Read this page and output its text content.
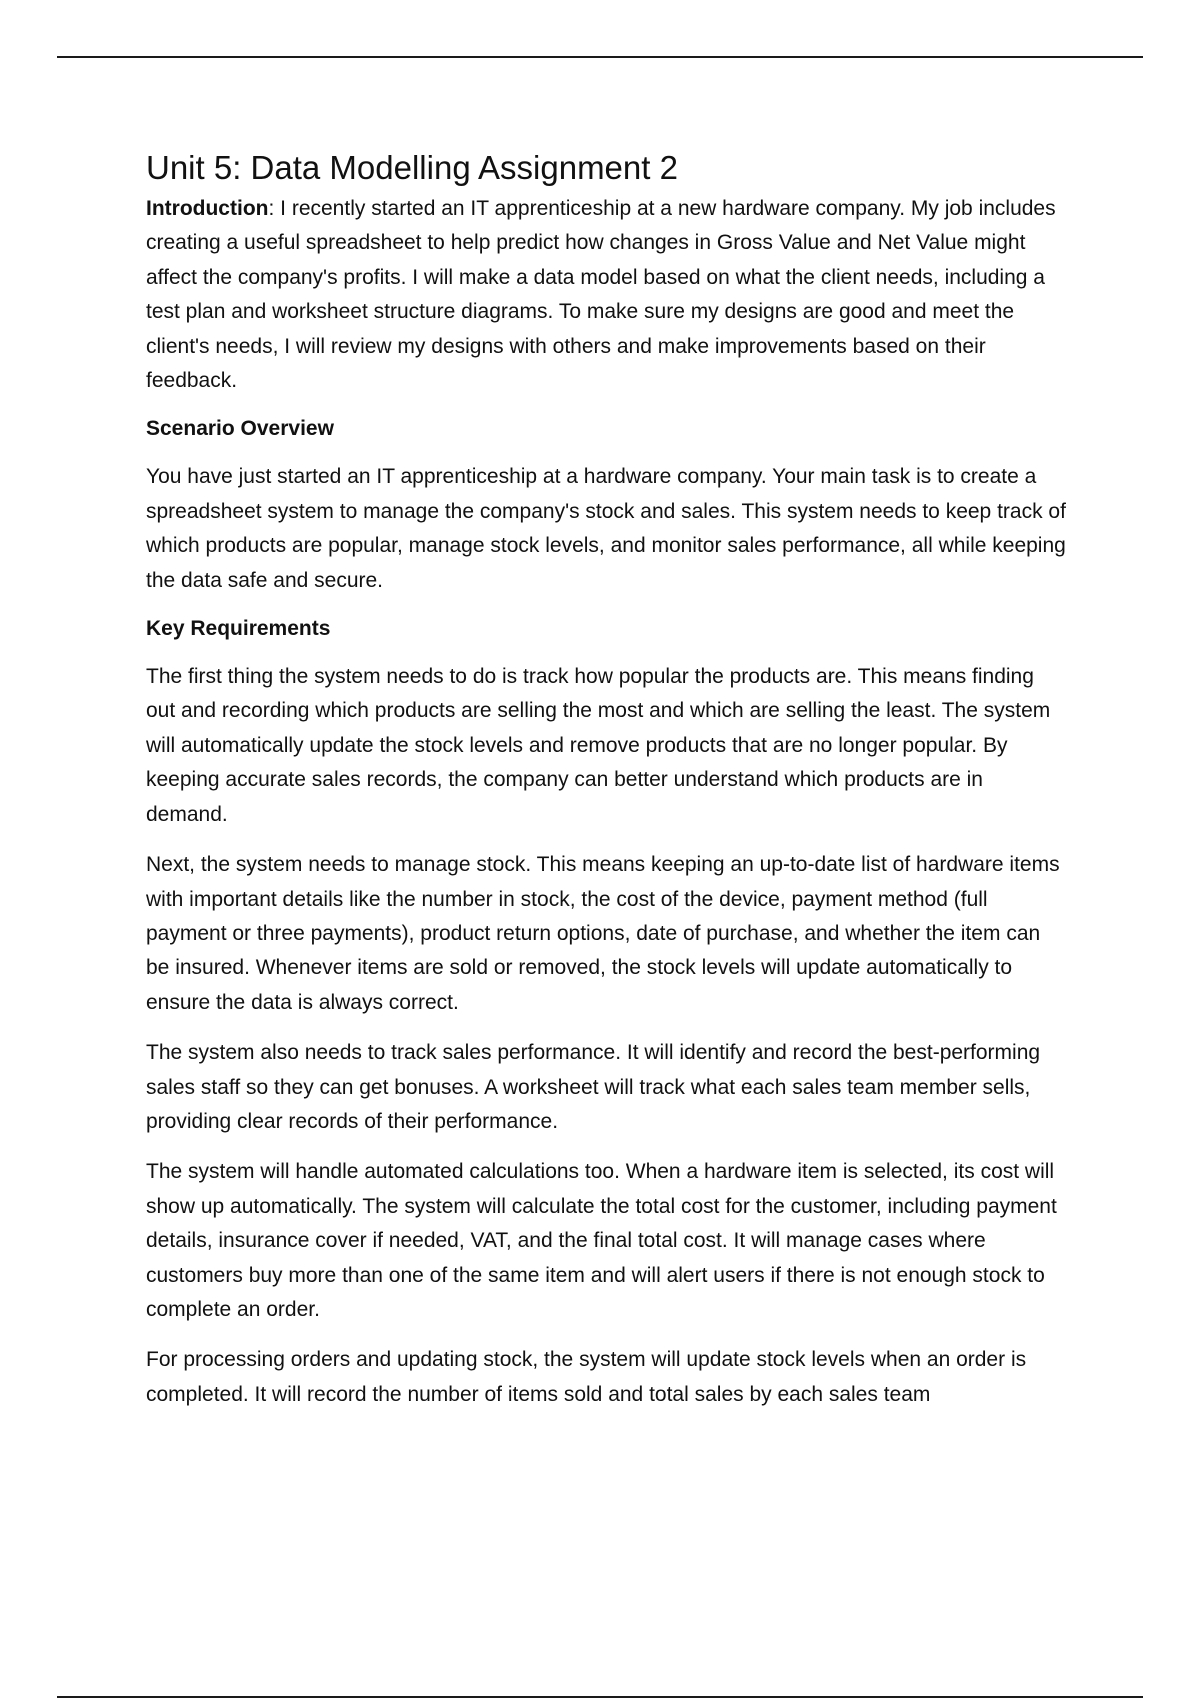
Unit 5: Data Modelling Assignment 2

Introduction: I recently started an IT apprenticeship at a new hardware company. My job includes creating a useful spreadsheet to help predict how changes in Gross Value and Net Value might affect the company's profits. I will make a data model based on what the client needs, including a test plan and worksheet structure diagrams. To make sure my designs are good and meet the client's needs, I will review my designs with others and make improvements based on their feedback.

Scenario Overview

You have just started an IT apprenticeship at a hardware company. Your main task is to create a spreadsheet system to manage the company's stock and sales. This system needs to keep track of which products are popular, manage stock levels, and monitor sales performance, all while keeping the data safe and secure.

Key Requirements

The first thing the system needs to do is track how popular the products are. This means finding out and recording which products are selling the most and which are selling the least. The system will automatically update the stock levels and remove products that are no longer popular. By keeping accurate sales records, the company can better understand which products are in demand.

Next, the system needs to manage stock. This means keeping an up-to-date list of hardware items with important details like the number in stock, the cost of the device, payment method (full payment or three payments), product return options, date of purchase, and whether the item can be insured. Whenever items are sold or removed, the stock levels will update automatically to ensure the data is always correct.

The system also needs to track sales performance. It will identify and record the best-performing sales staff so they can get bonuses. A worksheet will track what each sales team member sells, providing clear records of their performance.

The system will handle automated calculations too. When a hardware item is selected, its cost will show up automatically. The system will calculate the total cost for the customer, including payment details, insurance cover if needed, VAT, and the final total cost. It will manage cases where customers buy more than one of the same item and will alert users if there is not enough stock to complete an order.

For processing orders and updating stock, the system will update stock levels when an order is completed. It will record the number of items sold and total sales by each sales team
